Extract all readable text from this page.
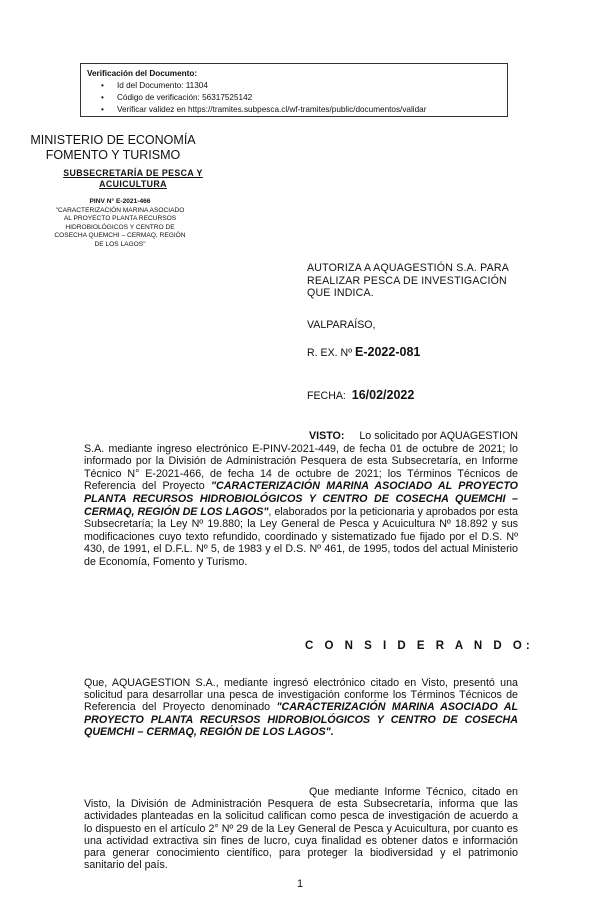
Verificación del Documento:
• Id del Documento: 11304
• Código de verificación: 56317525142
• Verificar validez en https://tramites.subpesca.cl/wf-tramites/public/documentos/validar
MINISTERIO DE ECONOMÍA
FOMENTO Y TURISMO
SUBSECRETARÍA DE PESCA Y
ACUICULTURA
PINV N° E-2021-466
"CARACTERIZACIÓN MARINA ASOCIADO
AL PROYECTO PLANTA RECURSOS
HIDROBIOLÓGICOS Y CENTRO DE
COSECHA QUEMCHI – CERMAQ, REGIÓN
DE LOS LAGOS"
AUTORIZA A AQUAGESTIÓN S.A. PARA
REALIZAR PESCA DE INVESTIGACIÓN
QUE INDICA.
VALPARAÍSO,
R. EX. Nº E-2022-081
FECHA: 16/02/2022
VISTO: Lo solicitado por AQUAGESTION S.A. mediante ingreso electrónico E-PINV-2021-449, de fecha 01 de octubre de 2021; lo informado por la División de Administración Pesquera de esta Subsecretaría, en Informe Técnico N° E-2021-466, de fecha 14 de octubre de 2021; los Términos Técnicos de Referencia del Proyecto "CARACTERIZACIÓN MARINA ASOCIADO AL PROYECTO PLANTA RECURSOS HIDROBIOLÓGICOS Y CENTRO DE COSECHA QUEMCHI – CERMAQ, REGIÓN DE LOS LAGOS", elaborados por la peticionaria y aprobados por esta Subsecretaría; la Ley Nº 19.880; la Ley General de Pesca y Acuicultura Nº 18.892 y sus modificaciones cuyo texto refundido, coordinado y sistematizado fue fijado por el D.S. Nº 430, de 1991, el D.F.L. Nº 5, de 1983 y el D.S. Nº 461, de 1995, todos del actual Ministerio de Economía, Fomento y Turismo.
C O N S I D E R A N D O:
Que, AQUAGESTION S.A., mediante ingresó electrónico citado en Visto, presentó una solicitud para desarrollar una pesca de investigación conforme los Términos Técnicos de Referencia del Proyecto denominado "CARACTERIZACIÓN MARINA ASOCIADO AL PROYECTO PLANTA RECURSOS HIDROBIOLÓGICOS Y CENTRO DE COSECHA QUEMCHI – CERMAQ, REGIÓN DE LOS LAGOS".
Que mediante Informe Técnico, citado en Visto, la División de Administración Pesquera de esta Subsecretaría, informa que las actividades planteadas en la solicitud califican como pesca de investigación de acuerdo a lo dispuesto en el artículo 2° Nº 29 de la Ley General de Pesca y Acuicultura, por cuanto es una actividad extractiva sin fines de lucro, cuya finalidad es obtener datos e información para generar conocimiento científico, para proteger la biodiversidad y el patrimonio sanitario del país.
1
